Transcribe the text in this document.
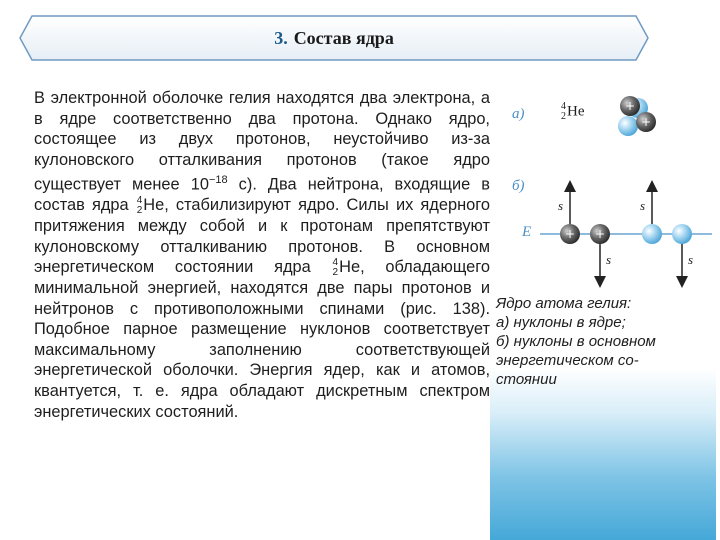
3. Состав ядра

В электронной оболочке гелия находятся два электрона, а в ядре соответственно два протона. Однако ядро, состоящее из двух протонов, неустойчиво из-за кулоновского отталкивания протонов (такое ядро существует менее $10^{-18}$ с). Два нейтрона, входящие в состав ядра 4
2 He, стабилизируют ядро. Силы их ядерного притяжения между собой и к протонам препятствуют кулоновскому отталкиванию протонов. В основном энергетическом состоянии ядра 4
2 He, обладающего минимальной энергией, находятся две пары протонов и нейтронов с противоположными спинами (рис. 138). Подобное парное размещение нуклонов соответствует максимальному заполнению соответствующей энергетической оболочки. Энергия ядер, как и атомов, квантуется, т. е. ядра обладают дискретным спектром энергетических состояний.

а)	4
2 He	+
+
+ +
б)
E
s	s
s	s
Ядро атома гелия:
а) нуклоны в ядре;
б) нуклоны в основном
энергетическом со-
стоянии
